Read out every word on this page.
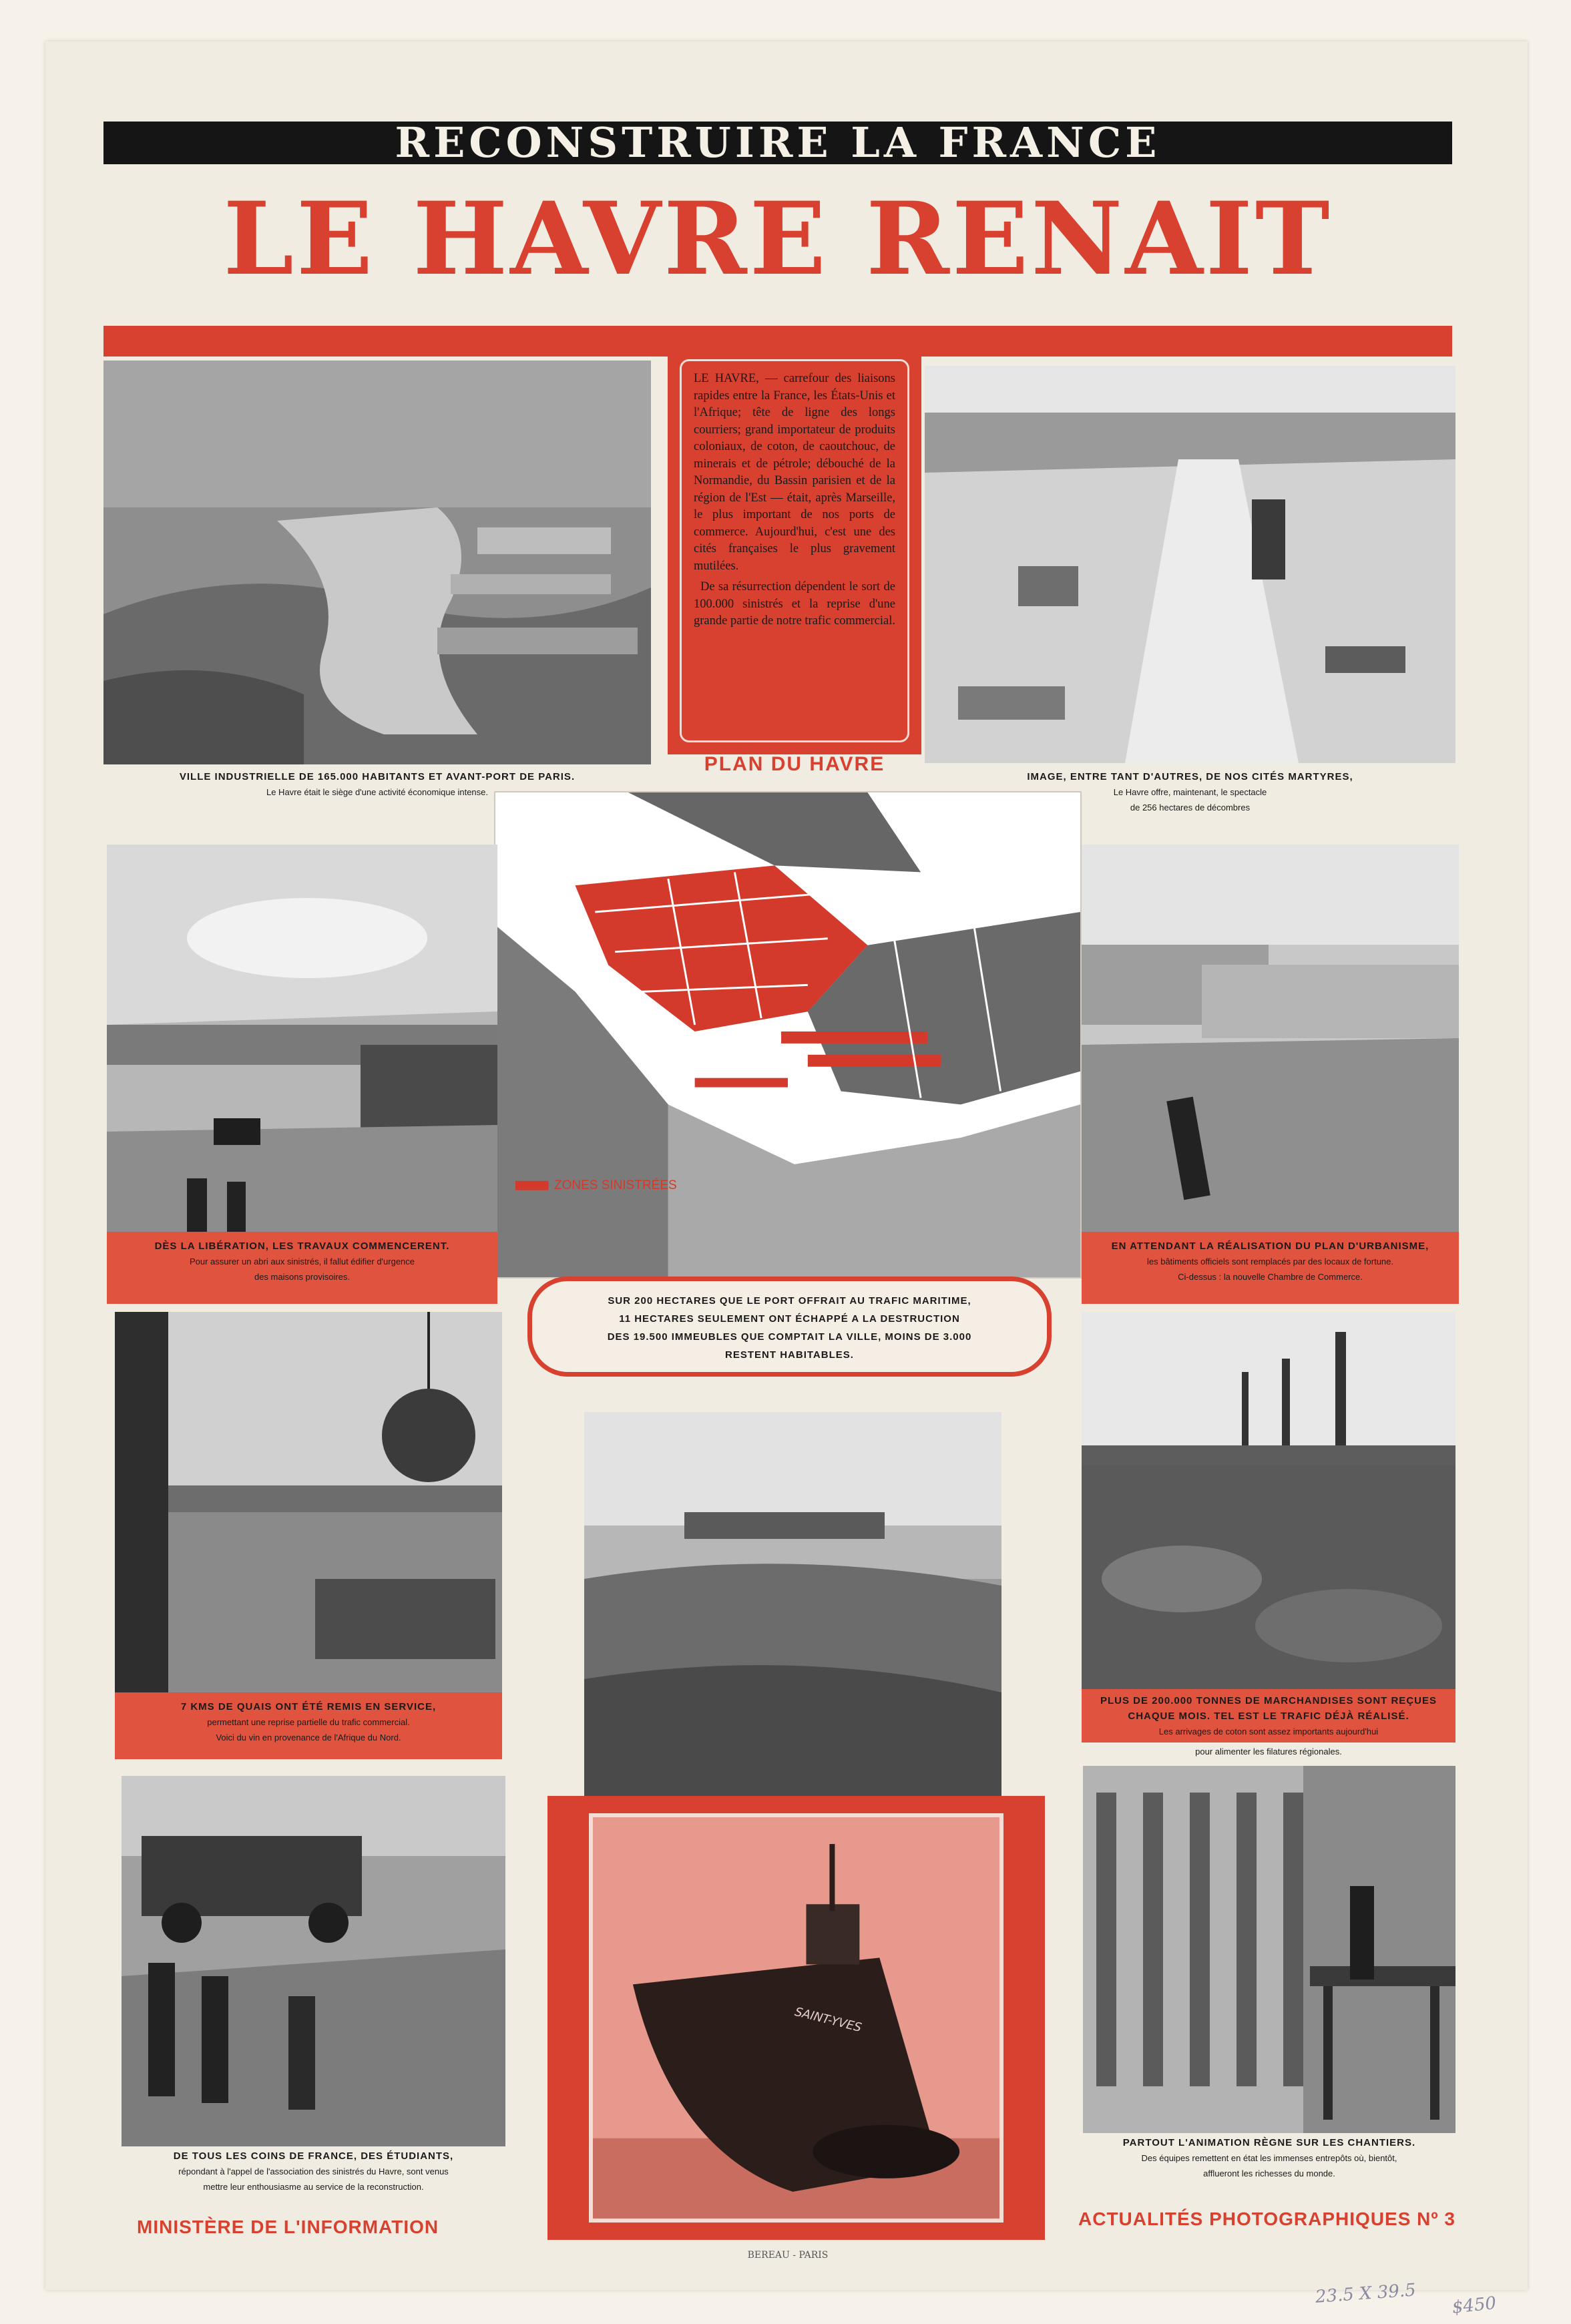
RECONSTRUIRE LA FRANCE
LE HAVRE RENAIT
LE HAVRE, — carrefour des liaisons rapides entre la France, les États-Unis et l'Afrique; tête de ligne des longs courriers; grand importateur de produits coloniaux, de coton, de caoutchouc, de minerais et de pétrole; débouché de la Normandie, du Bassin parisien et de la région de l'Est — était, après Marseille, le plus important de nos ports de commerce. Aujourd'hui, c'est une des cités françaises le plus gravement mutilées.
De sa résurrection dépendent le sort de 100.000 sinistrés et la reprise d'une grande partie de notre trafic commercial.
VILLE INDUSTRIELLE DE 165.000 HABITANTS ET AVANT-PORT DE PARIS.
Le Havre était le siège d'une activité économique intense.
PLAN DU HAVRE
IMAGE, ENTRE TANT D'AUTRES, DE NOS CITÉS MARTYRES,
Le Havre offre, maintenant, le spectacle
de 256 hectares de décombres
ZONES SINISTRÉES
DÈS LA LIBÉRATION, LES TRAVAUX COMMENCERENT.
Pour assurer un abri aux sinistrés, il fallut édifier d'urgence
des maisons provisoires.
EN ATTENDANT LA RÉALISATION DU PLAN D'URBANISME,
les bâtiments officiels sont remplacés par des locaux de fortune.
Ci-dessus : la nouvelle Chambre de Commerce.
SUR 200 HECTARES QUE LE PORT OFFRAIT AU TRAFIC MARITIME,
11 HECTARES SEULEMENT ONT ÉCHAPPÉ A LA DESTRUCTION
DES 19.500 IMMEUBLES QUE COMPTAIT LA VILLE, MOINS DE 3.000
RESTENT HABITABLES.
7 KMS DE QUAIS ONT ÉTÉ REMIS EN SERVICE,
permettant une reprise partielle du trafic commercial.
Voici du vin en provenance de l'Afrique du Nord.
PLUS DE 200.000 TONNES DE MARCHANDISES SONT REÇUES
CHAQUE MOIS. TEL EST LE TRAFIC DÉJÀ RÉALISÉ.
Les arrivages de coton sont assez importants aujourd'hui
pour alimenter les filatures régionales.
DE TOUS LES COINS DE FRANCE, DES ÉTUDIANTS,
répondant à l'appel de l'association des sinistrés du Havre, sont venus
mettre leur enthousiasme au service de la reconstruction.
SAINT-YVES
PARTOUT L'ANIMATION RÈGNE SUR LES CHANTIERS.
Des équipes remettent en état les immenses entrepôts où, bientôt,
afflueront les richesses du monde.
MINISTÈRE DE L'INFORMATION	ACTUALITÉS PHOTOGRAPHIQUES Nº 3
BEREAU - PARIS
23.5 X 39.5	$450
